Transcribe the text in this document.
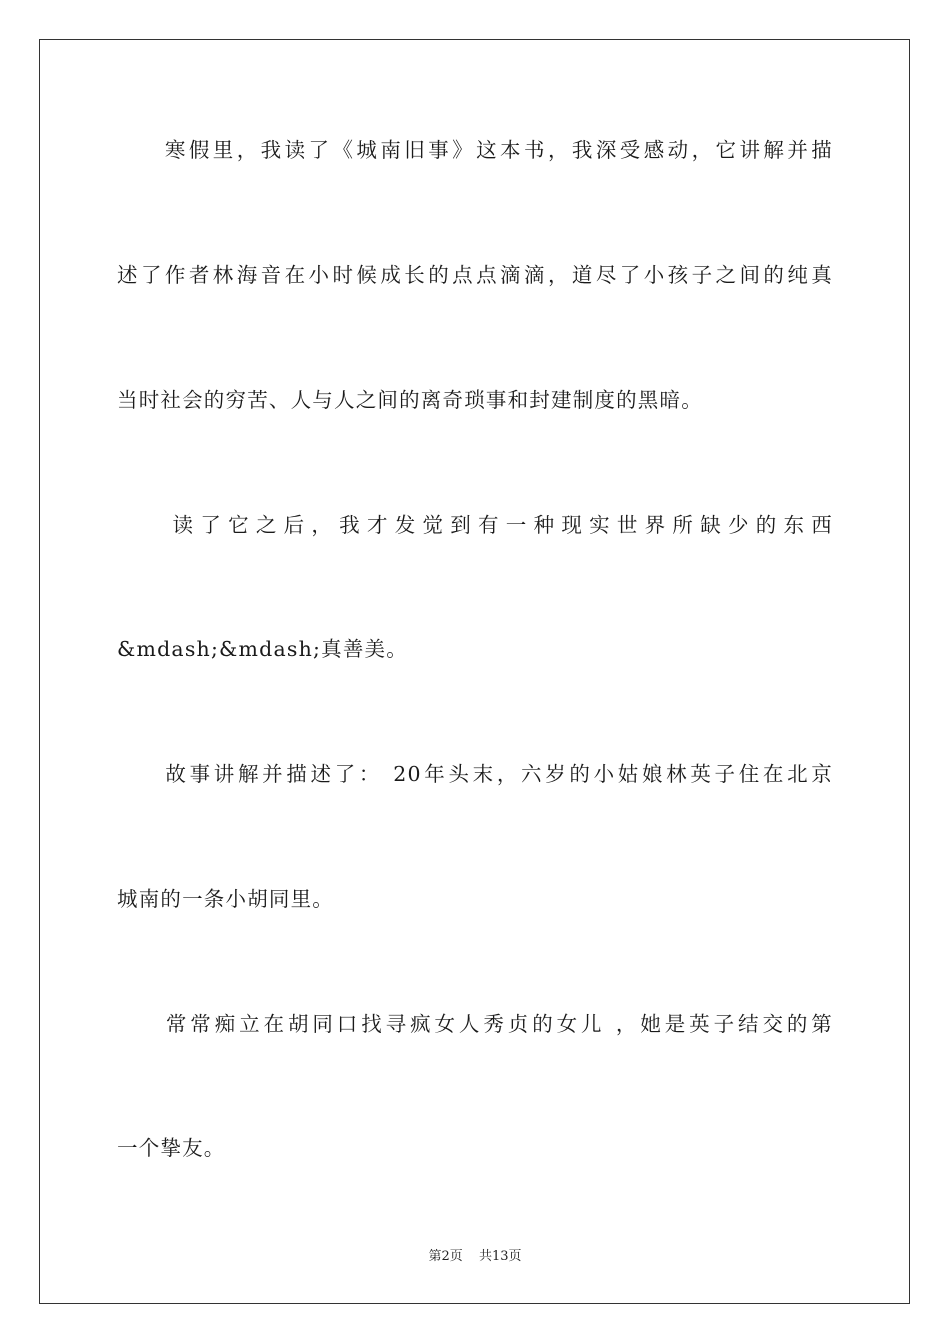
　　寒假里，我读了《城南旧事》这本书，我深受感动，它讲解并描
述了作者林海音在小时候成长的点点滴滴，道尽了小孩子之间的纯真
当时社会的穷苦、人与人之间的离奇琐事和封建制度的黑暗。
　　读了它之后，我才发觉到有一种现实世界所缺少的东西
&mdash;&mdash;真善美。
　　故事讲解并描述了： 20年头末，六岁的小姑娘林英子住在北京
城南的一条小胡同里。
　　常常痴立在胡同口找寻疯女人秀贞的女儿 ，她是英子结交的第
一个挚友。
第2页 共13页
